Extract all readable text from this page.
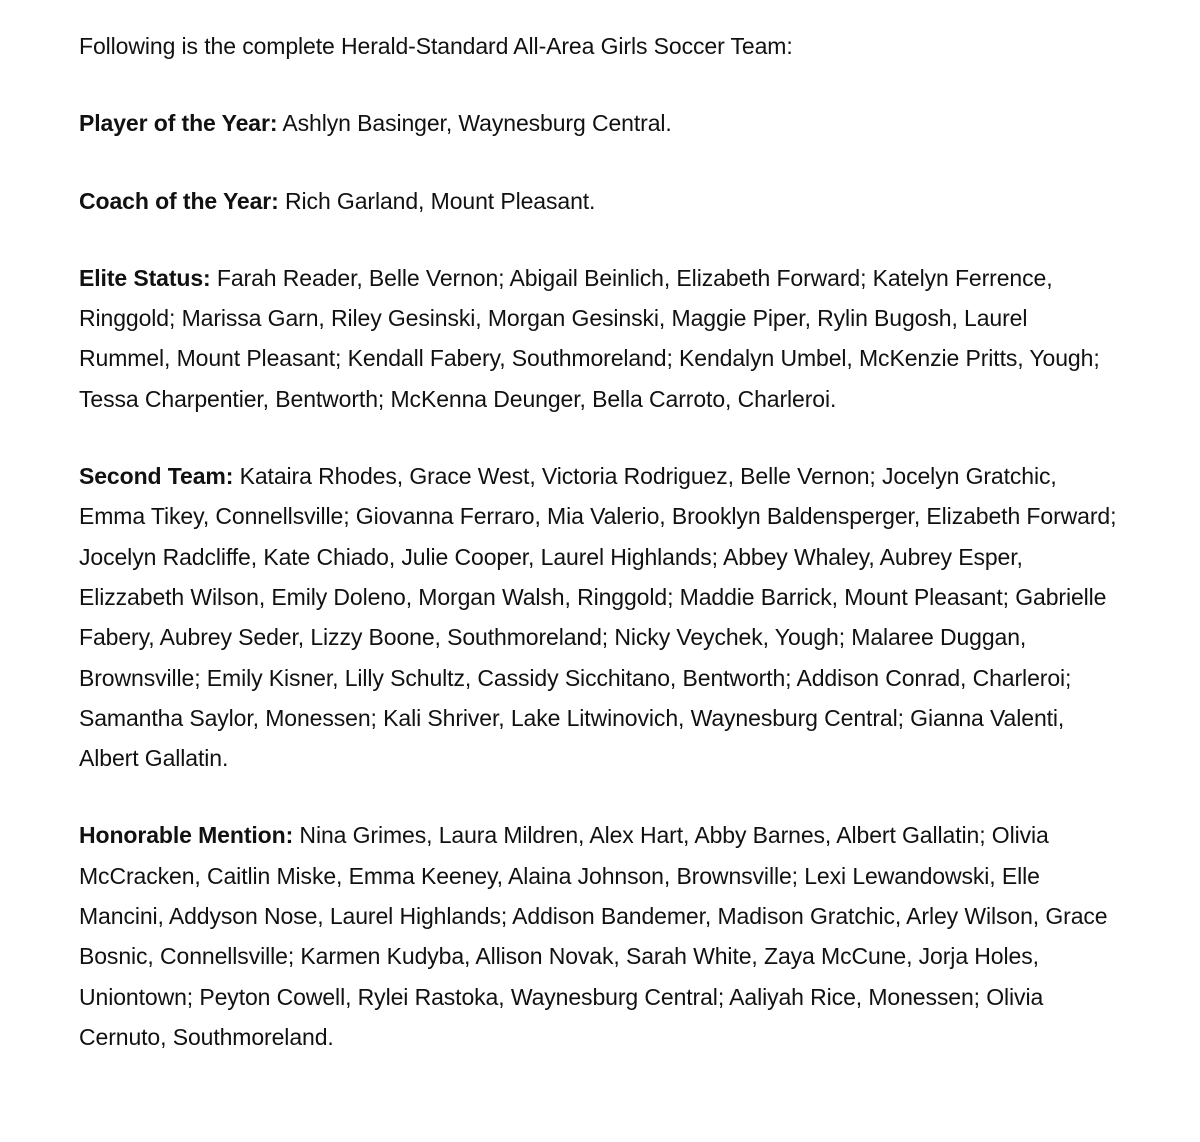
Following is the complete Herald-Standard All-Area Girls Soccer Team:

Player of the Year: Ashlyn Basinger, Waynesburg Central.

Coach of the Year: Rich Garland, Mount Pleasant.

Elite Status: Farah Reader, Belle Vernon; Abigail Beinlich, Elizabeth Forward; Katelyn Ferrence, Ringgold; Marissa Garn, Riley Gesinski, Morgan Gesinski, Maggie Piper, Rylin Bugosh, Laurel Rummel, Mount Pleasant; Kendall Fabery, Southmoreland; Kendalyn Umbel, McKenzie Pritts, Yough; Tessa Charpentier, Bentworth; McKenna Deunger, Bella Carroto, Charleroi.

Second Team: Kataira Rhodes, Grace West, Victoria Rodriguez, Belle Vernon; Jocelyn Gratchic, Emma Tikey, Connellsville; Giovanna Ferraro, Mia Valerio, Brooklyn Baldensperger, Elizabeth Forward; Jocelyn Radcliffe, Kate Chiado, Julie Cooper, Laurel Highlands; Abbey Whaley, Aubrey Esper, Elizzabeth Wilson, Emily Doleno, Morgan Walsh, Ringgold; Maddie Barrick, Mount Pleasant; Gabrielle Fabery, Aubrey Seder, Lizzy Boone, Southmoreland; Nicky Veychek, Yough; Malaree Duggan, Brownsville; Emily Kisner, Lilly Schultz, Cassidy Sicchitano, Bentworth; Addison Conrad, Charleroi; Samantha Saylor, Monessen; Kali Shriver, Lake Litwinovich, Waynesburg Central; Gianna Valenti, Albert Gallatin.

Honorable Mention: Nina Grimes, Laura Mildren, Alex Hart, Abby Barnes, Albert Gallatin; Olivia McCracken, Caitlin Miske, Emma Keeney, Alaina Johnson, Brownsville; Lexi Lewandowski, Elle Mancini, Addyson Nose, Laurel Highlands; Addison Bandemer, Madison Gratchic, Arley Wilson, Grace Bosnic, Connellsville; Karmen Kudyba, Allison Novak, Sarah White, Zaya McCune, Jorja Holes, Uniontown; Peyton Cowell, Rylei Rastoka, Waynesburg Central; Aaliyah Rice, Monessen; Olivia Cernuto, Southmoreland.
